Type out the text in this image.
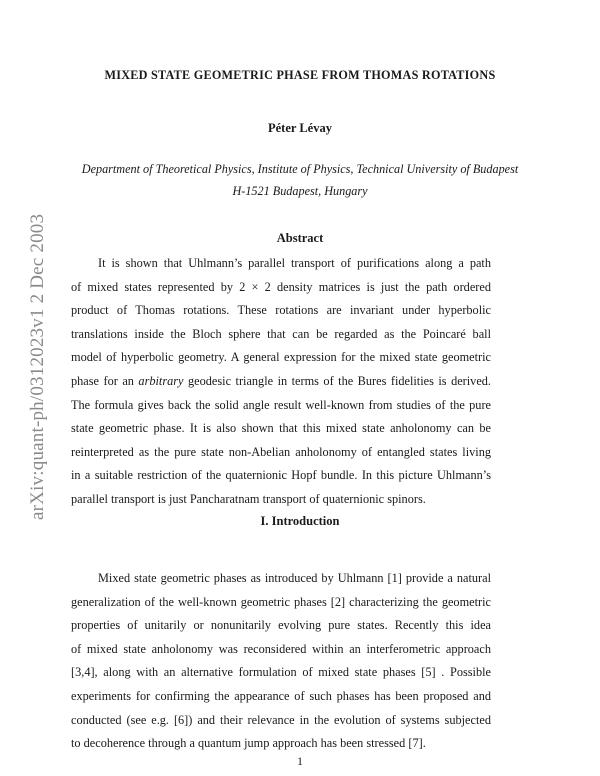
arXiv:quant-ph/0312023v1 2 Dec 2003
MIXED STATE GEOMETRIC PHASE FROM THOMAS ROTATIONS
Péter Lévay
Department of Theoretical Physics, Institute of Physics, Technical University of Budapest
H-1521 Budapest, Hungary
Abstract
It is shown that Uhlmann’s parallel transport of purifications along a path
of mixed states represented by 2 × 2 density matrices is just the path ordered
product of Thomas rotations. These rotations are invariant under hyperbolic
translations inside the Bloch sphere that can be regarded as the Poincaré ball
model of hyperbolic geometry. A general expression for the mixed state geometric
phase for an arbitrary geodesic triangle in terms of the Bures fidelities is derived.
The formula gives back the solid angle result well-known from studies of the pure
state geometric phase. It is also shown that this mixed state anholonomy can be
reinterpreted as the pure state non-Abelian anholonomy of entangled states living
in a suitable restriction of the quaternionic Hopf bundle. In this picture Uhlmann’s
parallel transport is just Pancharatnam transport of quaternionic spinors.
I. Introduction
Mixed state geometric phases as introduced by Uhlmann [1] provide a natural
generalization of the well-known geometric phases [2] characterizing the geometric
properties of unitarily or nonunitarily evolving pure states. Recently this idea
of mixed state anholonomy was reconsidered within an interferometric approach
[3,4], along with an alternative formulation of mixed state phases [5] . Possible
experiments for confirming the appearance of such phases has been proposed and
conducted (see e.g. [6]) and their relevance in the evolution of systems subjected
to decoherence through a quantum jump approach has been stressed [7].
1
